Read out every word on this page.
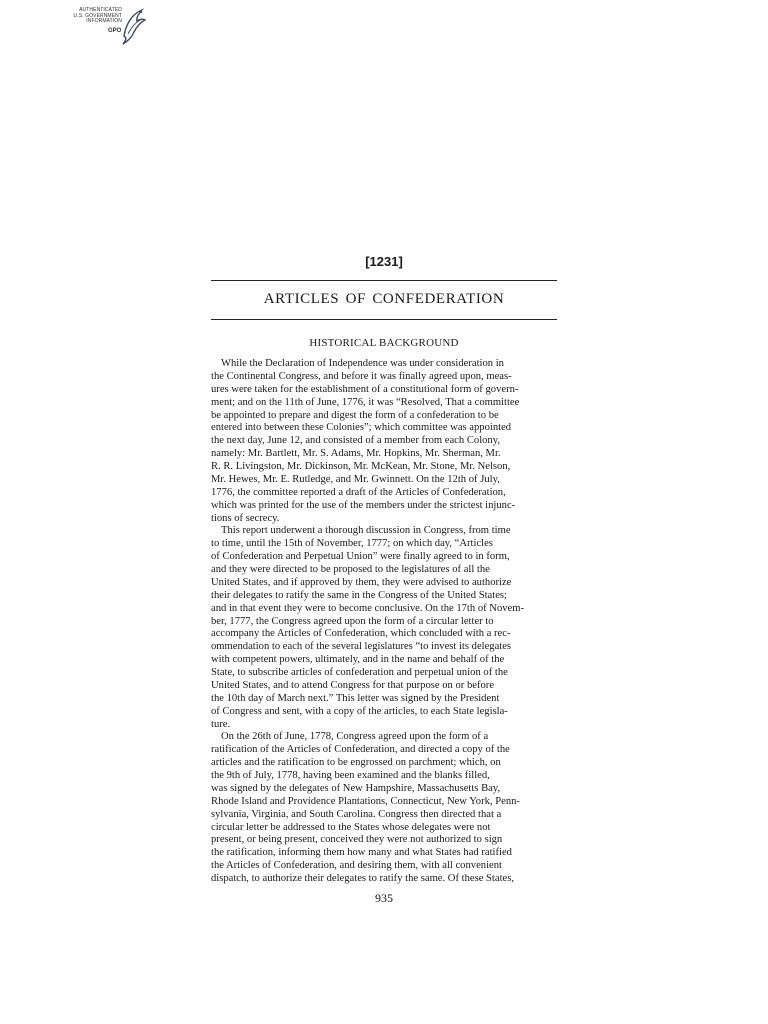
AUTHENTICATED
U.S. GOVERNMENT
INFORMATION
GPO
[1231]
ARTICLES OF CONFEDERATION
HISTORICAL BACKGROUND
While the Declaration of Independence was under consideration in
the Continental Congress, and before it was finally agreed upon, meas-
ures were taken for the establishment of a constitutional form of govern-
ment; and on the 11th of June, 1776, it was “Resolved, That a committee
be appointed to prepare and digest the form of a confederation to be
entered into between these Colonies”; which committee was appointed
the next day, June 12, and consisted of a member from each Colony,
namely: Mr. Bartlett, Mr. S. Adams, Mr. Hopkins, Mr. Sherman, Mr.
R. R. Livingston, Mr. Dickinson, Mr. McKean, Mr. Stone, Mr. Nelson,
Mr. Hewes, Mr. E. Rutledge, and Mr. Gwinnett. On the 12th of July,
1776, the committee reported a draft of the Articles of Confederation,
which was printed for the use of the members under the strictest injunc-
tions of secrecy.
This report underwent a thorough discussion in Congress, from time
to time, until the 15th of November, 1777; on which day, “Articles
of Confederation and Perpetual Union” were finally agreed to in form,
and they were directed to be proposed to the legislatures of all the
United States, and if approved by them, they were advised to authorize
their delegates to ratify the same in the Congress of the United States;
and in that event they were to become conclusive. On the 17th of Novem-
ber, 1777, the Congress agreed upon the form of a circular letter to
accompany the Articles of Confederation, which concluded with a rec-
ommendation to each of the several legislatures “to invest its delegates
with competent powers, ultimately, and in the name and behalf of the
State, to subscribe articles of confederation and perpetual union of the
United States, and to attend Congress for that purpose on or before
the 10th day of March next.” This letter was signed by the President
of Congress and sent, with a copy of the articles, to each State legisla-
ture.
On the 26th of June, 1778, Congress agreed upon the form of a
ratification of the Articles of Confederation, and directed a copy of the
articles and the ratification to be engrossed on parchment; which, on
the 9th of July, 1778, having been examined and the blanks filled,
was signed by the delegates of New Hampshire, Massachusetts Bay,
Rhode Island and Providence Plantations, Connecticut, New York, Penn-
sylvania, Virginia, and South Carolina. Congress then directed that a
circular letter be addressed to the States whose delegates were not
present, or being present, conceived they were not authorized to sign
the ratification, informing them how many and what States had ratified
the Articles of Confederation, and desiring them, with all convenient
dispatch, to authorize their delegates to ratify the same. Of these States,
935
